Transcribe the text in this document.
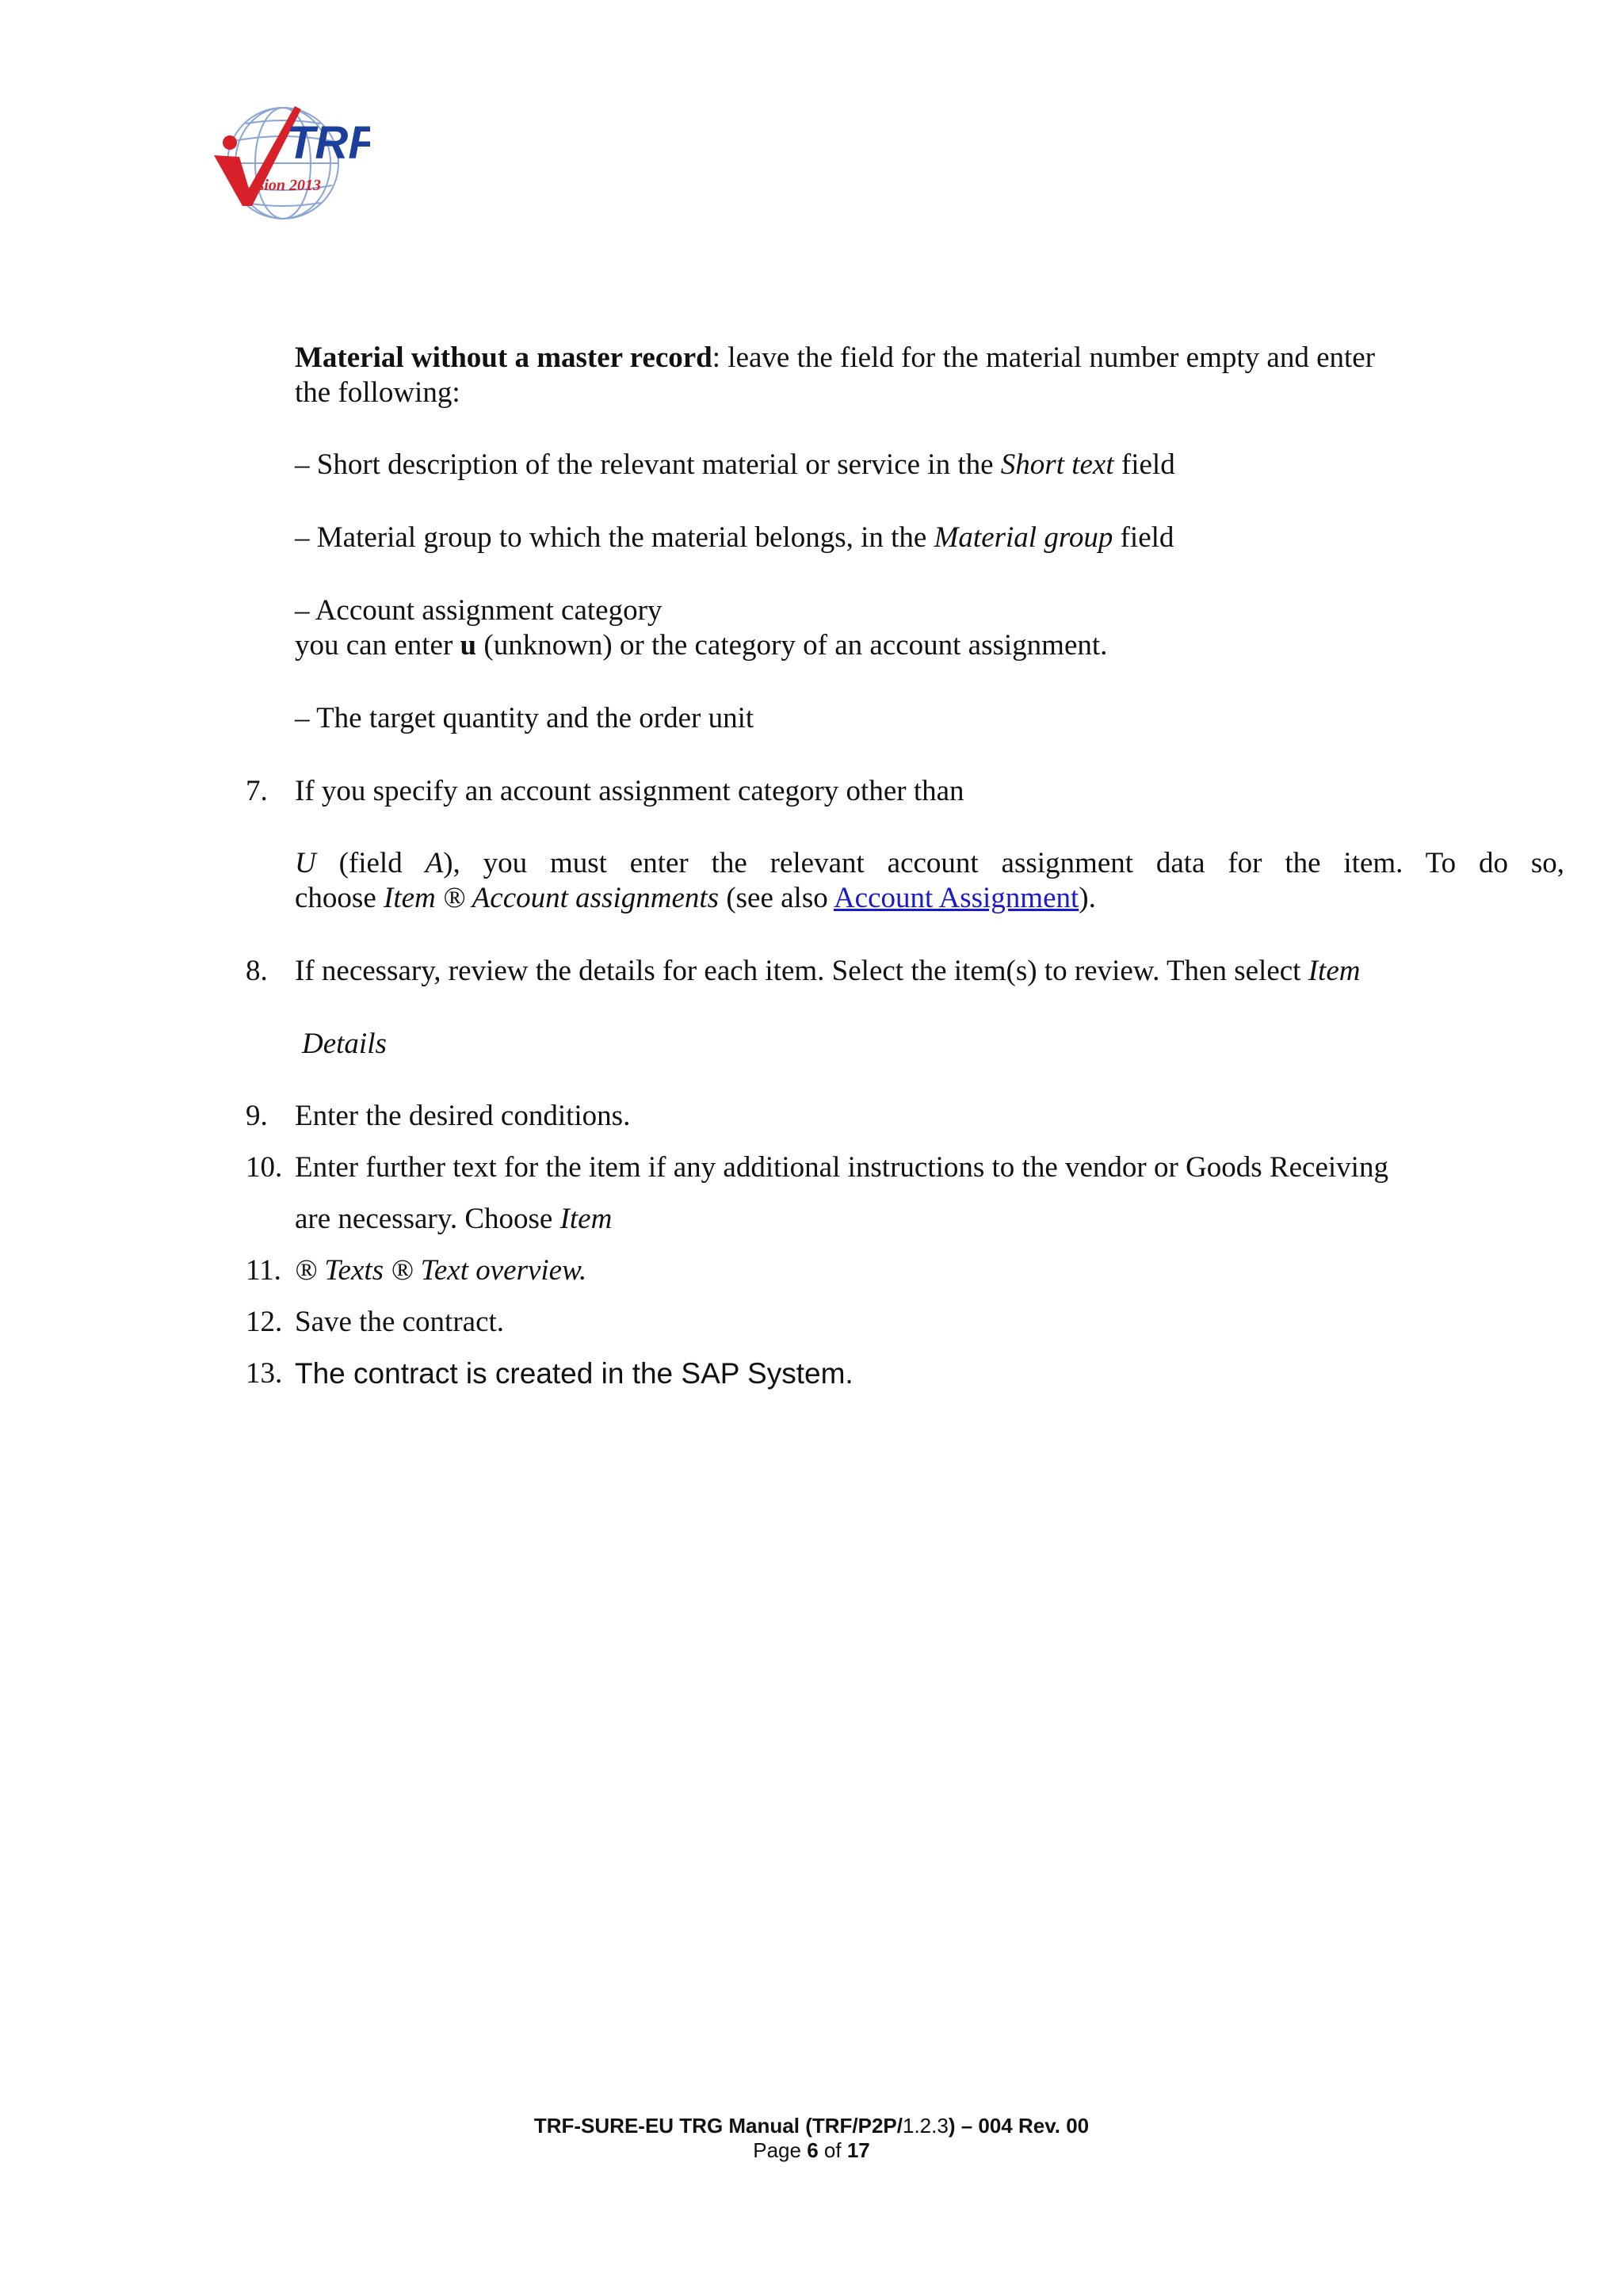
TRF
ision 2013
Material without a master record: leave the field for the material number empty and enter
the following:
– Short description of the relevant material or service in the Short text field
– Material group to which the material belongs, in the Material group field
– Account assignment category
you can enter u (unknown) or the category of an account assignment.
– The target quantity and the order unit
7. If you specify an account assignment category other than
U (field A), you must enter the relevant account assignment data for the item. To do so,
choose Item ® Account assignments (see also Account Assignment).
8. If necessary, review the details for each item. Select the item(s) to review. Then select Item
Details
9. Enter the desired conditions.
10. Enter further text for the item if any additional instructions to the vendor or Goods Receiving
are necessary. Choose Item
11. ® Texts ® Text overview.
12. Save the contract.
13. The contract is created in the SAP System.
TRF-SURE-EU TRG Manual (TRF/P2P/1.2.3) – 004 Rev. 00
Page 6 of 17
